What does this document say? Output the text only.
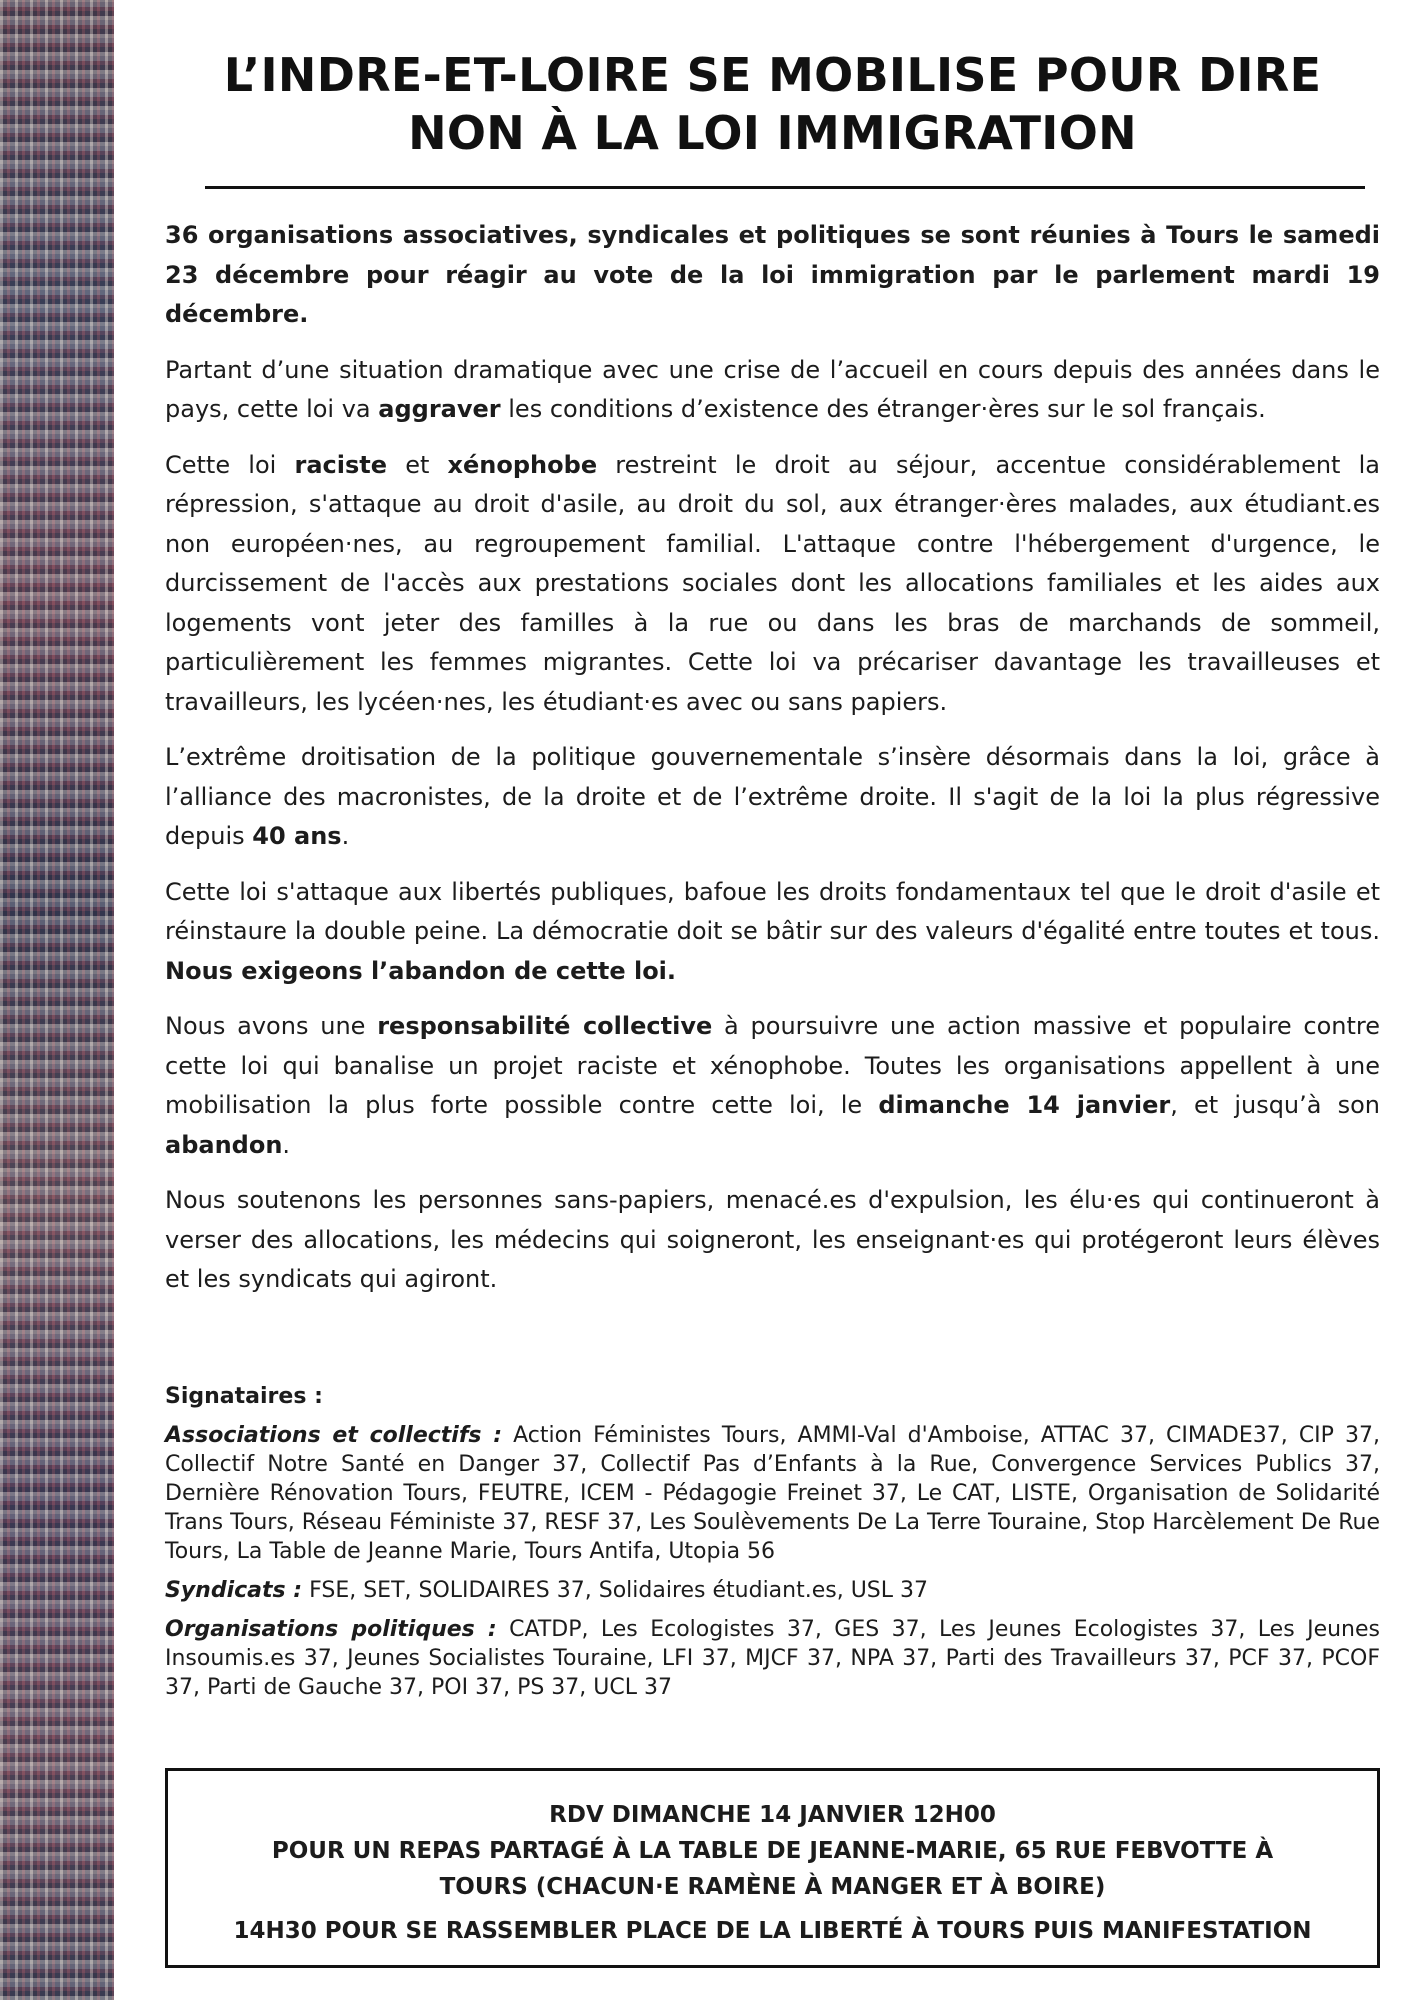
L’INDRE-ET-LOIRE SE MOBILISE POUR DIRE
NON À LA LOI IMMIGRATION

36 organisations associatives, syndicales et politiques se sont réunies à Tours le samedi 23 décembre pour réagir au vote de la loi immigration par le parlement mardi 19 décembre.

Partant d’une situation dramatique avec une crise de l’accueil en cours depuis des années dans le pays, cette loi va aggraver les conditions d’existence des étranger·ères sur le sol français.

Cette loi raciste et xénophobe restreint le droit au séjour, accentue considérablement la répression, s'attaque au droit d'asile, au droit du sol, aux étranger·ères malades, aux étudiant.es non européen·nes, au regroupement familial. L'attaque contre l'hébergement d'urgence, le durcissement de l'accès aux prestations sociales dont les allocations familiales et les aides aux logements vont jeter des familles à la rue ou dans les bras de marchands de sommeil, particulièrement les femmes migrantes. Cette loi va précariser davantage les travailleuses et travailleurs, les lycéen·nes, les étudiant·es avec ou sans papiers.

L’extrême droitisation de la politique gouvernementale s’insère désormais dans la loi, grâce à l’alliance des macronistes, de la droite et de l’extrême droite. Il s'agit de la loi la plus régressive depuis 40 ans.

Cette loi s'attaque aux libertés publiques, bafoue les droits fondamentaux tel que le droit d'asile et réinstaure la double peine. La démocratie doit se bâtir sur des valeurs d'égalité entre toutes et tous. Nous exigeons l’abandon de cette loi.

Nous avons une responsabilité collective à poursuivre une action massive et populaire contre cette loi qui banalise un projet raciste et xénophobe. Toutes les organisations appellent à une mobilisation la plus forte possible contre cette loi, le dimanche 14 janvier, et jusqu’à son abandon.

Nous soutenons les personnes sans-papiers, menacé.es d'expulsion, les élu·es qui continueront à verser des allocations, les médecins qui soigneront, les enseignant·es qui protégeront leurs élèves et les syndicats qui agiront.

Signataires :

Associations et collectifs : Action Féministes Tours, AMMI-Val d'Amboise, ATTAC 37, CIMADE37, CIP 37, Collectif Notre Santé en Danger 37, Collectif Pas d’Enfants à la Rue, Convergence Services Publics 37, Dernière Rénovation Tours, FEUTRE, ICEM - Pédagogie Freinet 37, Le CAT, LISTE, Organisation de Solidarité Trans Tours, Réseau Féministe 37, RESF 37, Les Soulèvements De La Terre Touraine, Stop Harcèlement De Rue Tours, La Table de Jeanne Marie, Tours Antifa, Utopia 56

Syndicats : FSE, SET, SOLIDAIRES 37, Solidaires étudiant.es, USL 37

Organisations politiques : CATDP, Les Ecologistes 37, GES 37, Les Jeunes Ecologistes 37, Les Jeunes Insoumis.es 37, Jeunes Socialistes Touraine, LFI 37, MJCF 37, NPA 37, Parti des Travailleurs 37, PCF 37, PCOF 37, Parti de Gauche 37, POI 37, PS 37, UCL 37

RDV DIMANCHE 14 JANVIER 12H00
POUR UN REPAS PARTAGÉ À LA TABLE DE JEANNE-MARIE, 65 RUE FEBVOTTE À
TOURS (CHACUN·E RAMÈNE À MANGER ET À BOIRE)
14H30 POUR SE RASSEMBLER PLACE DE LA LIBERTÉ À TOURS PUIS MANIFESTATION
